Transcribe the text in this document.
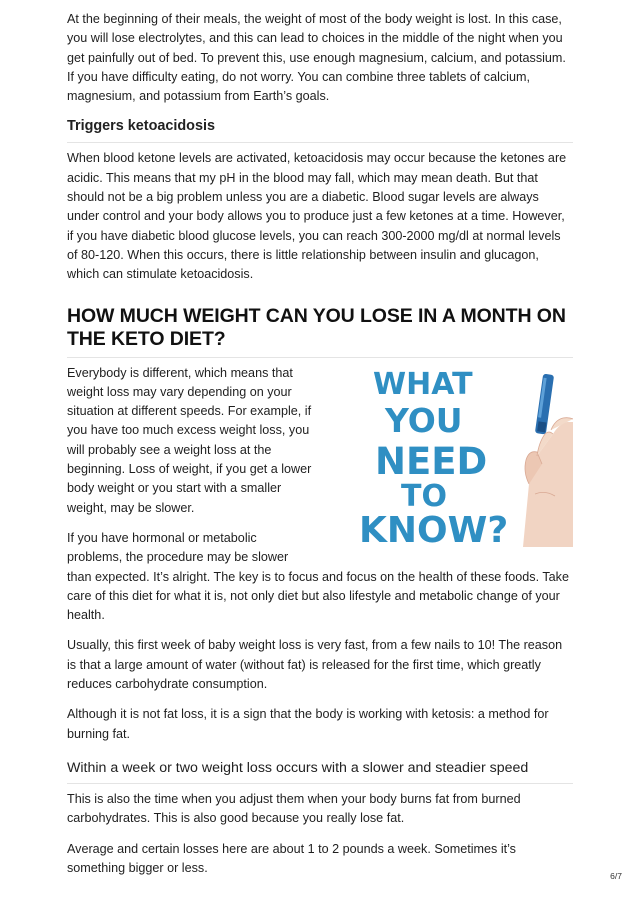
At the beginning of their meals, the weight of most of the body weight is lost. In this case, you will lose electrolytes, and this can lead to choices in the middle of the night when you get painfully out of bed. To prevent this, use enough magnesium, calcium, and potassium. If you have difficulty eating, do not worry. You can combine three tablets of calcium, magnesium, and potassium from Earth’s goals.

Triggers ketoacidosis

When blood ketone levels are activated, ketoacidosis may occur because the ketones are acidic. This means that my pH in the blood may fall, which may mean death. But that should not be a big problem unless you are a diabetic. Blood sugar levels are always under control and your body allows you to produce just a few ketones at a time. However, if you have diabetic blood glucose levels, you can reach 300-2000 mg/dl at normal levels of 80-120. When this occurs, there is little relationship between insulin and glucagon, which can stimulate ketoacidosis.

HOW MUCH WEIGHT CAN YOU LOSE IN A MONTH ON THE KETO DIET?
WHAT
YOU
NEED
TO
KNOW?

Everybody is different, which means that weight loss may vary depending on your situation at different speeds. For example, if you have too much excess weight loss, you will probably see a weight loss at the beginning. Loss of weight, if you get a lower body weight or you start with a smaller weight, may be slower.

If you have hormonal or metabolic problems, the procedure may be slower than expected. It’s alright. The key is to focus and focus on the health of these foods. Take care of this diet for what it is, not only diet but also lifestyle and metabolic change of your health.

Usually, this first week of baby weight loss is very fast, from a few nails to 10! The reason is that a large amount of water (without fat) is released for the first time, which greatly reduces carbohydrate consumption.

Although it is not fat loss, it is a sign that the body is working with ketosis: a method for burning fat.

Within a week or two weight loss occurs with a slower and steadier speed

This is also the time when you adjust them when your body burns fat from burned carbohydrates. This is also good because you really lose fat.

Average and certain losses here are about 1 to 2 pounds a week. Sometimes it’s something bigger or less.

6/7
